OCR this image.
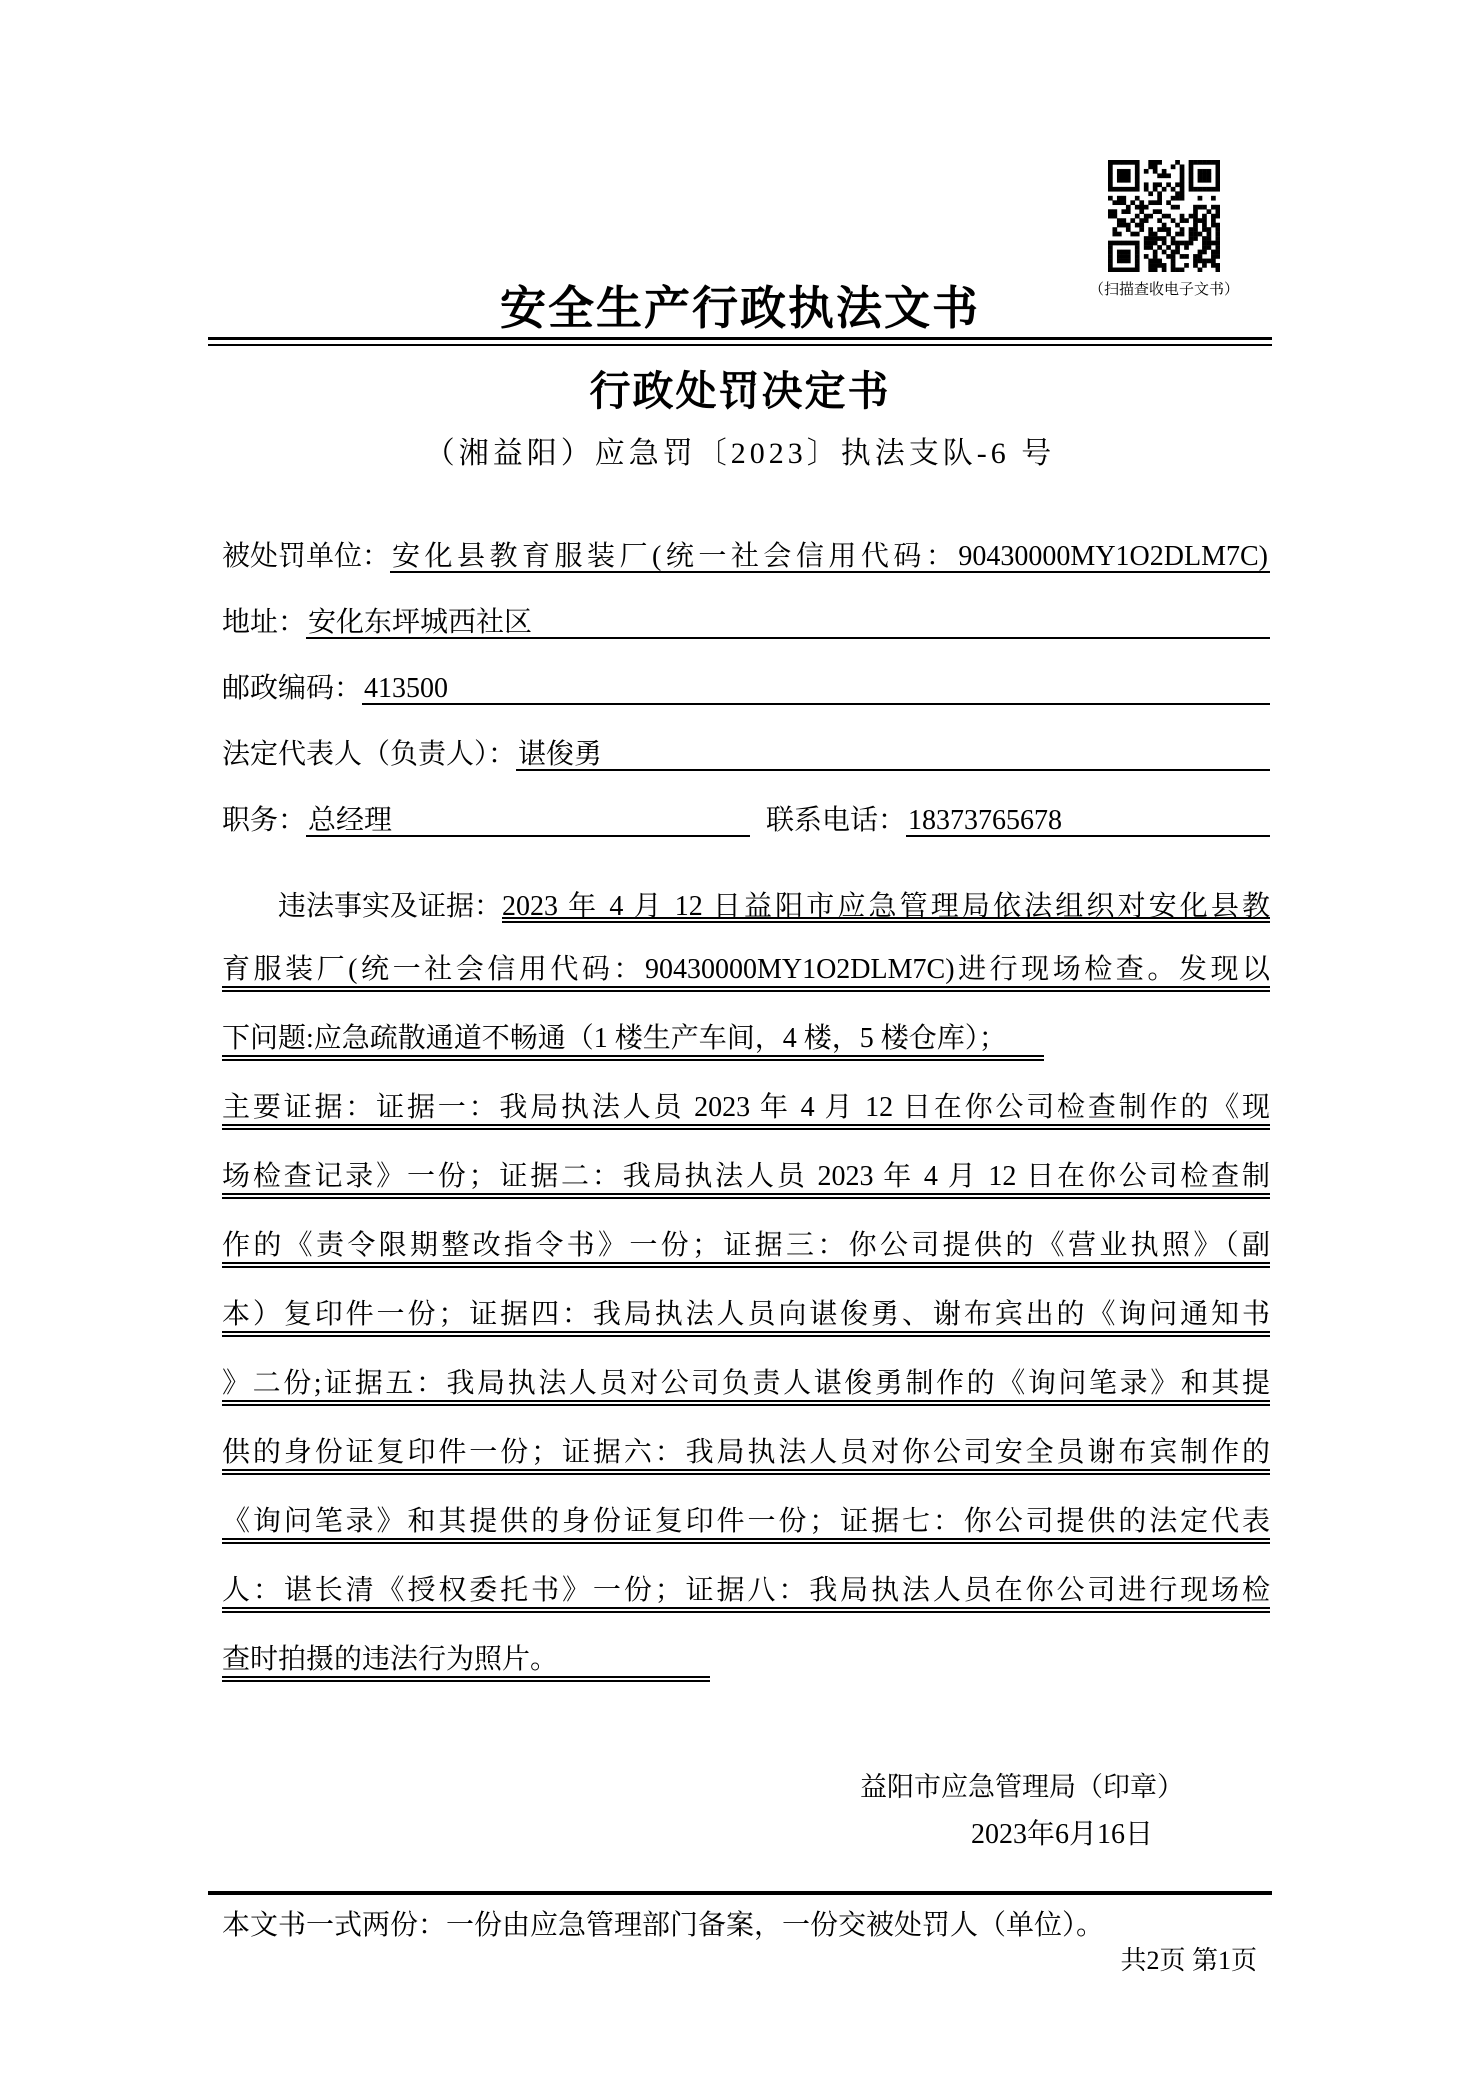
（扫描查收电子文书）
安全生产行政执法文书
行政处罚决定书
（湘益阳）应急罚〔2023〕执法支队-6 号
被处罚单位： 安化县教育服装厂(统一社会信用代码：90430000MY1O2DLM7C)
地址： 安化东坪城西社区
邮政编码： 413500
法定代表人（负责人）： 谌俊勇
职务： 总经理	联系电话： 18373765678
违法事实及证据： 2023 年 4 月 12 日益阳市应急管理局依法组织对安化县教
育服装厂(统一社会信用代码：90430000MY1O2DLM7C)进行现场检查。发现以
下问题:应急疏散通道不畅通（1 楼生产车间，4 楼，5 楼仓库）；
主要证据：证据一：我局执法人员 2023 年 4 月 12 日在你公司检查制作的《现
场检查记录》一份；证据二：我局执法人员 2023 年 4 月 12 日在你公司检查制
作的《责令限期整改指令书》一份；证据三：你公司提供的《营业执照》（副
本）复印件一份；证据四：我局执法人员向谌俊勇、谢布宾出的《询问通知书
》二份;证据五：我局执法人员对公司负责人谌俊勇制作的《询问笔录》和其提
供的身份证复印件一份；证据六：我局执法人员对你公司安全员谢布宾制作的
《询问笔录》和其提供的身份证复印件一份；证据七：你公司提供的法定代表
人：谌长清《授权委托书》一份；证据八：我局执法人员在你公司进行现场检
查时拍摄的违法行为照片。
益阳市应急管理局（印章）
2023年6月16日
本文书一式两份：一份由应急管理部门备案，一份交被处罚人（单位）。
共2页 第1页
